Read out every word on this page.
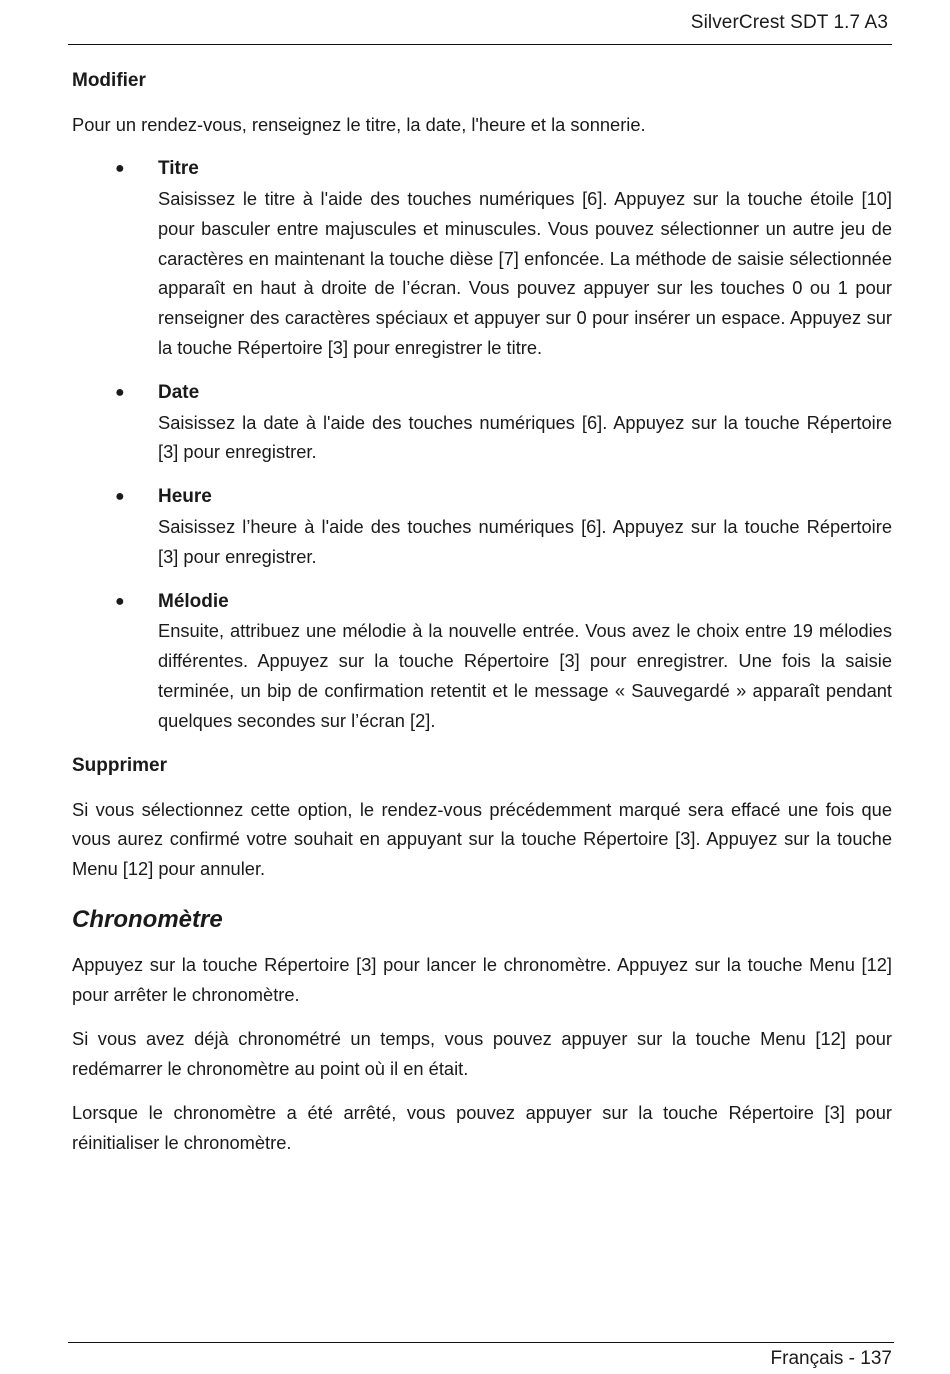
SilverCrest SDT 1.7 A3
Modifier

Pour un rendez-vous, renseignez le titre, la date, l'heure et la sonnerie.

● Titre
Saisissez le titre à l'aide des touches numériques [6]. Appuyez sur la touche étoile [10] pour basculer entre majuscules et minuscules. Vous pouvez sélectionner un autre jeu de caractères en maintenant la touche dièse [7] enfoncée. La méthode de saisie sélectionnée apparaît en haut à droite de l’écran. Vous pouvez appuyer sur les touches 0 ou 1 pour renseigner des caractères spéciaux et appuyer sur 0 pour insérer un espace. Appuyez sur la touche Répertoire [3] pour enregistrer le titre.
● Date
Saisissez la date à l'aide des touches numériques [6]. Appuyez sur la touche Répertoire [3] pour enregistrer.
● Heure
Saisissez l’heure à l'aide des touches numériques [6]. Appuyez sur la touche Répertoire [3] pour enregistrer.
● Mélodie
Ensuite, attribuez une mélodie à la nouvelle entrée. Vous avez le choix entre 19 mélodies différentes. Appuyez sur la touche Répertoire [3] pour enregistrer. Une fois la saisie terminée, un bip de confirmation retentit et le message « Sauvegardé » apparaît pendant quelques secondes sur l’écran [2].
Supprimer

Si vous sélectionnez cette option, le rendez-vous précédemment marqué sera effacé une fois que vous aurez confirmé votre souhait en appuyant sur la touche Répertoire [3]. Appuyez sur la touche Menu [12] pour annuler.

Chronomètre

Appuyez sur la touche Répertoire [3] pour lancer le chronomètre. Appuyez sur la touche Menu [12] pour arrêter le chronomètre.

Si vous avez déjà chronométré un temps, vous pouvez appuyer sur la touche Menu [12] pour redémarrer le chronomètre au point où il en était.

Lorsque le chronomètre a été arrêté, vous pouvez appuyer sur la touche Répertoire [3] pour réinitialiser le chronomètre.

Français - 137
